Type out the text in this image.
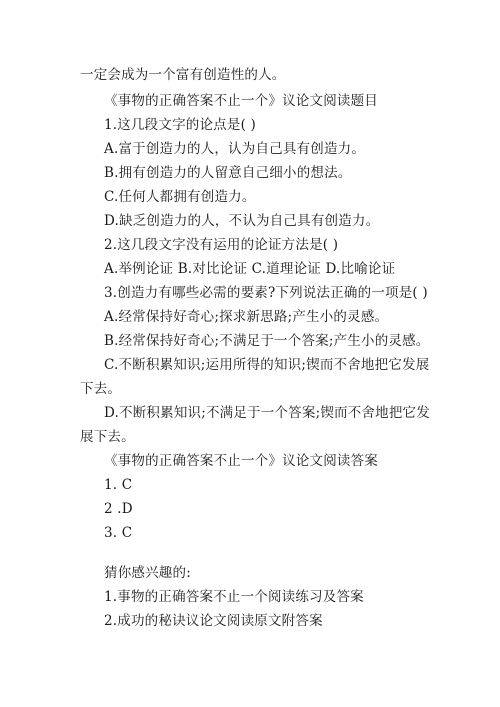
一定会成为一个富有创造性的人。
《事物的正确答案不止一个》议论文阅读题目
1.这几段文字的论点是( )
A.富于创造力的人，认为自己具有创造力。
B.拥有创造力的人留意自己细小的想法。
C.任何人都拥有创造力。
D.缺乏创造力的人，不认为自己具有创造力。
2.这几段文字没有运用的论证方法是( )
A.举例论证 B.对比论证 C.道理论证 D.比喻论证
3.创造力有哪些必需的要素?下列说法正确的一项是( )
A.经常保持好奇心;探求新思路;产生小的灵感。
B.经常保持好奇心;不满足于一个答案;产生小的灵感。
C.不断积累知识;运用所得的知识;锲而不舍地把它发展
下去。
D.不断积累知识;不满足于一个答案;锲而不舍地把它发
展下去。
《事物的正确答案不止一个》议论文阅读答案
1. C
2 .D
3. C
猜你感兴趣的:
1.事物的正确答案不止一个阅读练习及答案
2.成功的秘诀议论文阅读原文附答案
